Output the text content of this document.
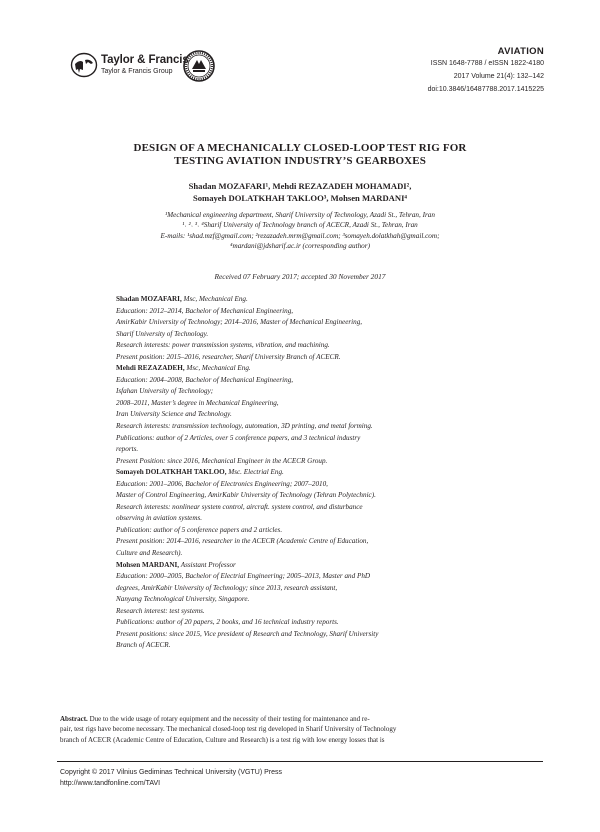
Taylor & Francis
Taylor & Francis Group
AVIATION
ISSN 1648-7788 / eISSN 1822-4180
2017 Volume 21(4): 132–142
doi:10.3846/16487788.2017.1415225
DESIGN OF A MECHANICALLY CLOSED-LOOP TEST RIG FOR
TESTING AVIATION INDUSTRY’S GEARBOXES
Shadan MOZAFARI¹, Mehdi REZAZADEH MOHAMADI²,
Somayeh DOLATKHAH TAKLOO³, Mohsen MARDANI⁴
¹Mechanical engineering department, Sharif University of Technology, Azadi St., Tehran, Iran
¹˒ ²˒ ³˒ ⁴Sharif University of Technology branch of ACECR, Azadi St., Tehran, Iran
E-mails: ¹shad.mzf@gmail.com; ²rezazadeh.mrm@gmail.com; ³somayeh.dolatkhah@gmail.com;
⁴mardani@jdsharif.ac.ir (corresponding author)
Received 07 February 2017; accepted 30 November 2017
Shadan MOZAFARI, Msc, Mechanical Eng.
Education: 2012–2014, Bachelor of Mechanical Engineering,
AmirKabir University of Technology; 2014–2016, Master of Mechanical Engineering,
Sharif University of Technology.
Research interests: power transmission systems, vibration, and machining.
Present position: 2015–2016, researcher, Sharif University Branch of ACECR.
Mehdi REZAZADEH, Msc, Mechanical Eng.
Education: 2004–2008, Bachelor of Mechanical Engineering,
Isfahan University of Technology;
2008–2011, Master’s degree in Mechanical Engineering,
Iran University Science and Technology.
Research interests: transmission technology, automation, 3D printing, and metal forming.
Publications: author of 2 Articles, over 5 conference papers, and 3 technical industry
reports.
Present Position: since 2016, Mechanical Engineer in the ACECR Group.
Somayeh DOLATKHAH TAKLOO, Msc. Electrial Eng.
Education: 2001–2006, Bachelor of Electronics Engineering; 2007–2010,
Master of Control Engineering, AmirKabir University of Technology (Tehran Polytechnic).
Research interests: nonlinear system control, aircraft. system control, and disturbance
observing in aviation systems.
Publication: author of 5 conference papers and 2 articles.
Present position: 2014–2016, researcher in the ACECR (Academic Centre of Education,
Culture and Research).
Mohsen MARDANI, Assistant Professor
Education: 2000–2005, Bachelor of Electrial Engineering; 2005–2013, Master and PhD
degrees, AmirKabir University of Technology; since 2013, research assistant,
Nanyang Technological University, Singapore.
Research interest: test systems.
Publications: author of 20 papers, 2 books, and 16 technical industry reports.
Present positions: since 2015, Vice president of Research and Technology, Sharif University
Branch of ACECR.
Abstract. Due to the wide usage of rotary equipment and the necessity of their testing for maintenance and re-
pair, test rigs have become necessary. The mechanical closed-loop test rig developed in Sharif University of Technology
branch of ACECR (Academic Centre of Education, Culture and Research) is a test rig with low energy losses that is
Copyright © 2017 Vilnius Gediminas Technical University (VGTU) Press
http://www.tandfonline.com/TAVI
